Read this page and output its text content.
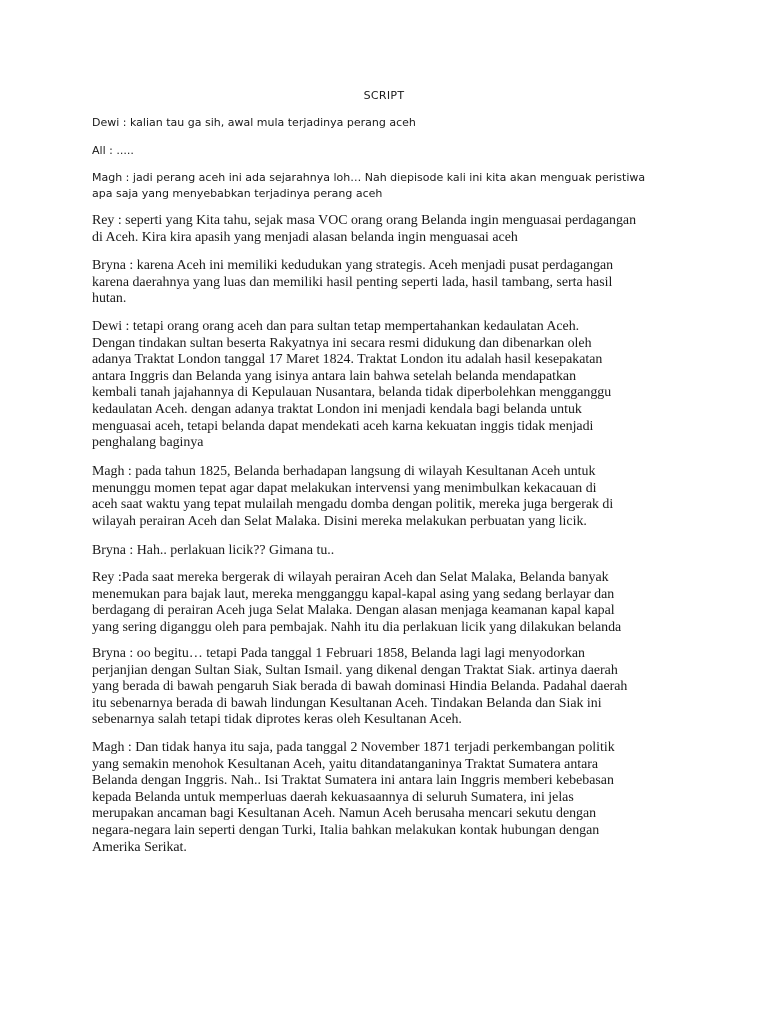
SCRIPT
Dewi : kalian tau ga sih, awal mula terjadinya perang aceh
All : .....
Magh : jadi perang aceh ini ada sejarahnya loh… Nah diepisode kali ini kita akan menguak peristiwa
apa saja yang menyebabkan terjadinya perang aceh
Rey : seperti yang Kita tahu, sejak masa VOC orang orang Belanda ingin menguasai perdagangan
di Aceh. Kira kira apasih yang menjadi alasan belanda ingin menguasai aceh
Bryna : karena Aceh ini memiliki kedudukan yang strategis. Aceh menjadi pusat perdagangan
karena daerahnya yang luas dan memiliki hasil penting seperti lada, hasil tambang, serta hasil
hutan.
Dewi : tetapi orang orang aceh dan para sultan tetap mempertahankan kedaulatan Aceh.
Dengan tindakan sultan beserta Rakyatnya ini secara resmi didukung dan dibenarkan oleh
adanya Traktat London tanggal 17 Maret 1824. Traktat London itu adalah hasil kesepakatan
antara Inggris dan Belanda yang isinya antara lain bahwa setelah belanda mendapatkan
kembali tanah jajahannya di Kepulauan Nusantara, belanda tidak diperbolehkan mengganggu
kedaulatan Aceh. dengan adanya traktat London ini menjadi kendala bagi belanda untuk
menguasai aceh, tetapi belanda dapat mendekati aceh karna kekuatan inggis tidak menjadi
penghalang baginya
Magh : pada tahun 1825, Belanda berhadapan langsung di wilayah Kesultanan Aceh untuk
menunggu momen tepat agar dapat melakukan intervensi yang menimbulkan kekacauan di
aceh saat waktu yang tepat mulailah mengadu domba dengan politik, mereka juga bergerak di
wilayah perairan Aceh dan Selat Malaka. Disini mereka melakukan perbuatan yang licik.
Bryna : Hah.. perlakuan licik?? Gimana tu..
Rey :Pada saat mereka bergerak di wilayah perairan Aceh dan Selat Malaka, Belanda banyak
menemukan para bajak laut, mereka mengganggu kapal-kapal asing yang sedang berlayar dan
berdagang di perairan Aceh juga Selat Malaka. Dengan alasan menjaga keamanan kapal kapal
yang sering diganggu oleh para pembajak. Nahh itu dia perlakuan licik yang dilakukan belanda
Bryna : oo begitu… tetapi Pada tanggal 1 Februari 1858, Belanda lagi lagi menyodorkan
perjanjian dengan Sultan Siak, Sultan Ismail. yang dikenal dengan Traktat Siak. artinya daerah
yang berada di bawah pengaruh Siak berada di bawah dominasi Hindia Belanda. Padahal daerah
itu sebenarnya berada di bawah lindungan Kesultanan Aceh. Tindakan Belanda dan Siak ini
sebenarnya salah tetapi tidak diprotes keras oleh Kesultanan Aceh.
Magh : Dan tidak hanya itu saja, pada tanggal 2 November 1871 terjadi perkembangan politik
yang semakin menohok Kesultanan Aceh, yaitu ditandatanganinya Traktat Sumatera antara
Belanda dengan Inggris. Nah.. Isi Traktat Sumatera ini antara lain Inggris memberi kebebasan
kepada Belanda untuk memperluas daerah kekuasaannya di seluruh Sumatera, ini jelas
merupakan ancaman bagi Kesultanan Aceh. Namun Aceh berusaha mencari sekutu dengan
negara-negara lain seperti dengan Turki, Italia bahkan melakukan kontak hubungan dengan
Amerika Serikat.
